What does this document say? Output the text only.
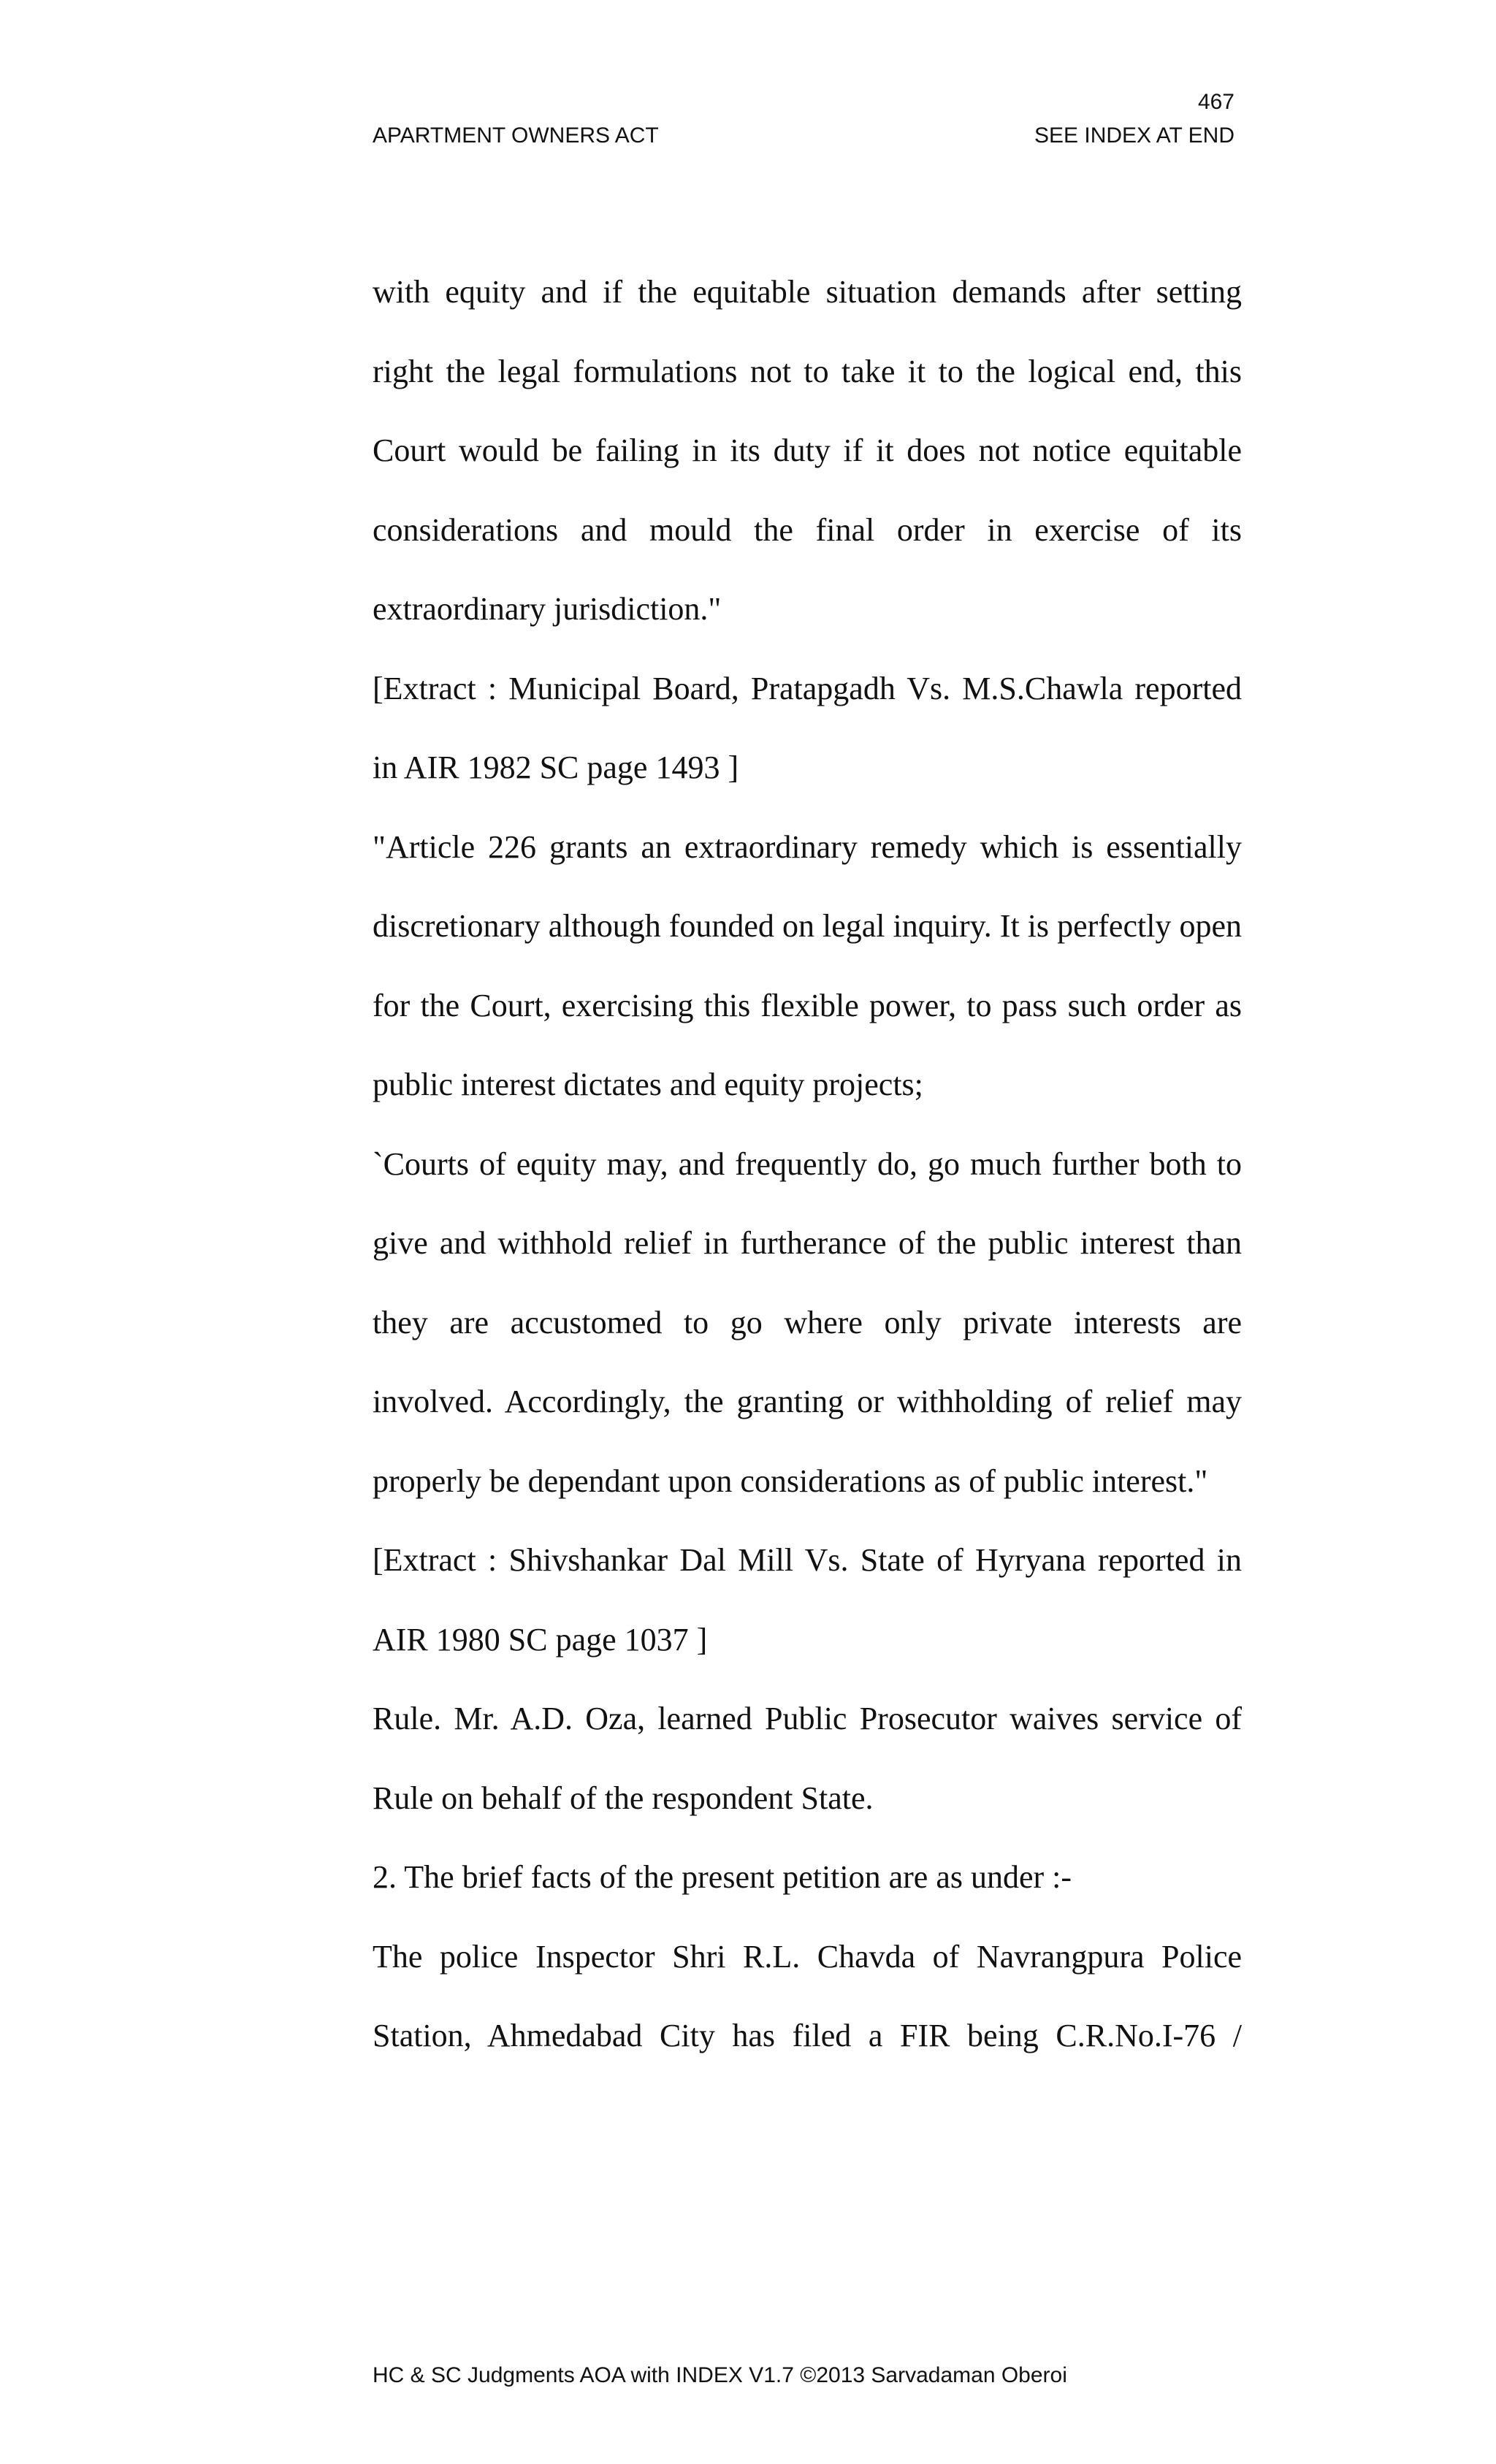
467
APARTMENT OWNERS ACT	SEE INDEX AT END

with equity and if the equitable situation demands after setting right the legal formulations not to take it to the logical end, this Court would be failing in its duty if it does not notice equitable considerations and mould the final order in exercise of its extraordinary jurisdiction."

[Extract : Municipal Board, Pratapgadh Vs. M.S.Chawla reported in AIR 1982 SC page 1493 ]

"Article 226 grants an extraordinary remedy which is essentially discretionary although founded on legal inquiry. It is perfectly open for the Court, exercising this flexible power, to pass such order as public interest dictates and equity projects;

`Courts of equity may, and frequently do, go much further both to give and withhold relief in furtherance of the public interest than they are accustomed to go where only private interests are involved. Accordingly, the granting or withholding of relief may properly be dependant upon considerations as of public interest."

[Extract : Shivshankar Dal Mill Vs. State of Hyryana reported in AIR 1980 SC page 1037 ]

Rule. Mr. A.D. Oza, learned Public Prosecutor waives service of Rule on behalf of the respondent State.

2. The brief facts of the present petition are as under :-

The police Inspector Shri R.L. Chavda of Navrangpura Police Station, Ahmedabad City has filed a FIR being C.R.No.I-76 /

HC & SC Judgments AOA with INDEX V1.7 ©2013 Sarvadaman Oberoi
